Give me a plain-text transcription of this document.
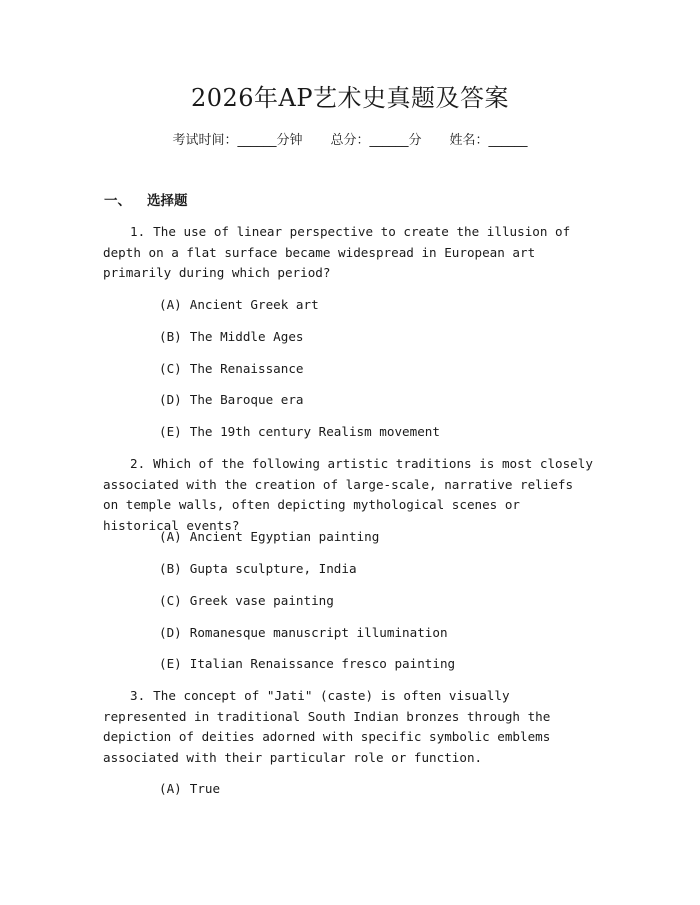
2026年AP艺术史真题及答案
考试时间：______分钟 总分：______分 姓名：______
一、 选择题
1. The use of linear perspective to create the illusion of depth on a flat surface became widespread in European art primarily during which period?
(A) Ancient Greek art
(B) The Middle Ages
(C) The Renaissance
(D) The Baroque era
(E) The 19th century Realism movement
2. Which of the following artistic traditions is most closely associated with the creation of large-scale, narrative reliefs on temple walls, often depicting mythological scenes or historical events?
(A) Ancient Egyptian painting
(B) Gupta sculpture, India
(C) Greek vase painting
(D) Romanesque manuscript illumination
(E) Italian Renaissance fresco painting
3. The concept of "Jati" (caste) is often visually represented in traditional South Indian bronzes through the depiction of deities adorned with specific symbolic emblems associated with their particular role or function.
(A) True
